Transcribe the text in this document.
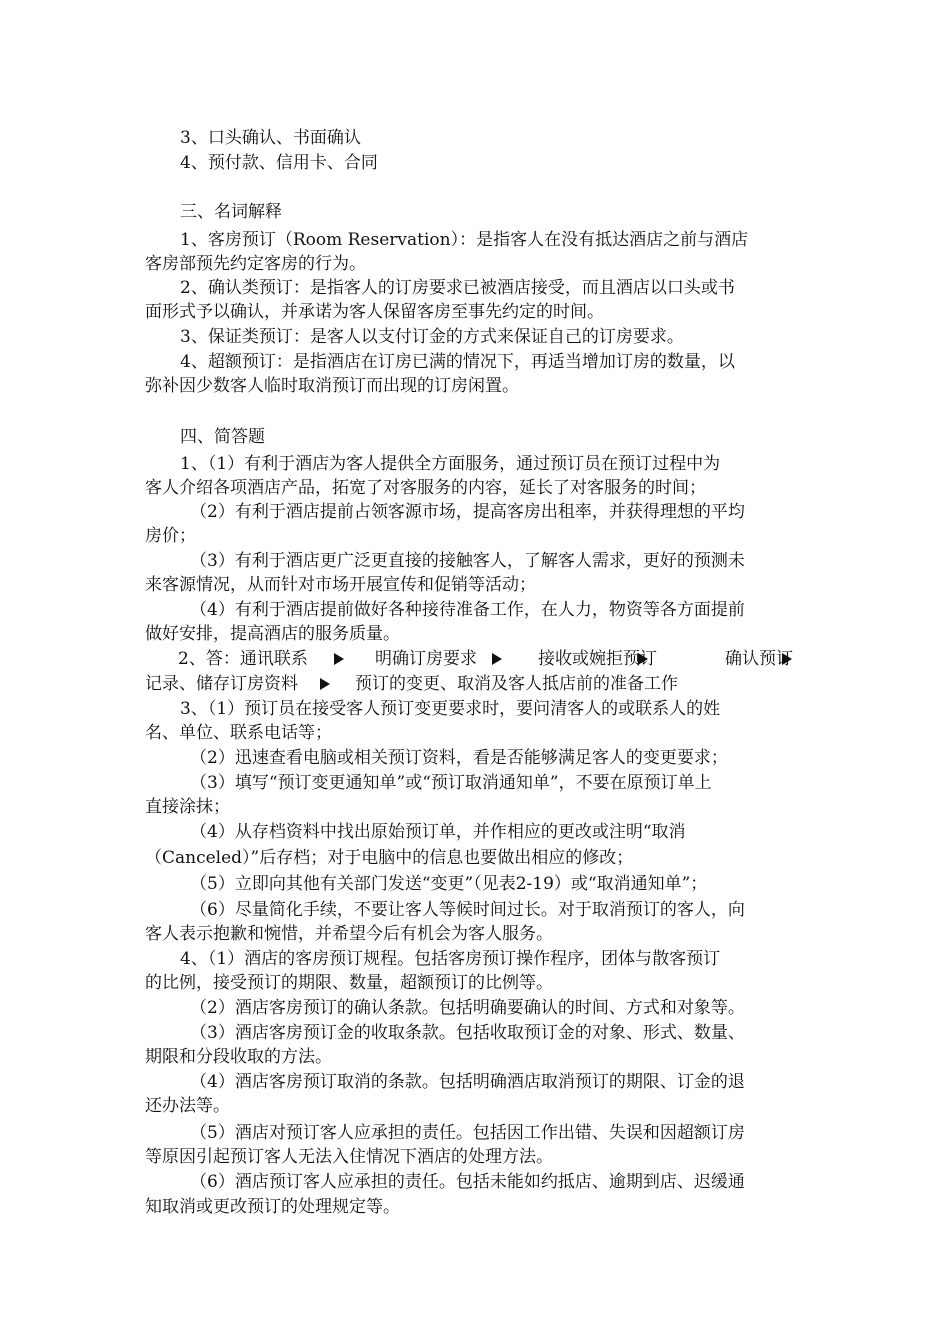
3、口头确认、书面确认
4、预付款、信用卡、合同
三、名词解释
1、客房预订（Room Reservation）：是指客人在没有抵达酒店之前与酒店
客房部预先约定客房的行为。
2、确认类预订：是指客人的订房要求已被酒店接受，而且酒店以口头或书
面形式予以确认，并承诺为客人保留客房至事先约定的时间。
3、保证类预订：是客人以支付订金的方式来保证自己的订房要求。
4、超额预订：是指酒店在订房已满的情况下，再适当增加订房的数量，以
弥补因少数客人临时取消预订而出现的订房闲置。
四、简答题
1、（1）有利于酒店为客人提供全方面服务，通过预订员在预订过程中为
客人介绍各项酒店产品，拓宽了对客服务的内容，延长了对客服务的时间；
（2）有利于酒店提前占领客源市场，提高客房出租率，并获得理想的平均
房价；
（3）有利于酒店更广泛更直接的接触客人，了解客人需求，更好的预测未
来客源情况，从而针对市场开展宣传和促销等活动；
（4）有利于酒店提前做好各种接待准备工作，在人力，物资等各方面提前
做好安排，提高酒店的服务质量。
2、答：通讯联系	明确订房要求	接收或婉拒预订	确认预订
记录、储存订房资料	预订的变更、取消及客人抵店前的准备工作
3、（1）预订员在接受客人预订变更要求时，要问清客人的或联系人的姓
名、单位、联系电话等；
（2）迅速查看电脑或相关预订资料，看是否能够满足客人的变更要求；
（3）填写“预订变更通知单”或“预订取消通知单”，不要在原预订单上
直接涂抹；
（4）从存档资料中找出原始预订单，并作相应的更改或注明“取消
（Canceled）”后存档；对于电脑中的信息也要做出相应的修改；
（5）立即向其他有关部门发送“变更”（见表2-19）或“取消通知单”；
（6）尽量简化手续，不要让客人等候时间过长。对于取消预订的客人，向
客人表示抱歉和惋惜，并希望今后有机会为客人服务。
4、（1）酒店的客房预订规程。包括客房预订操作程序，团体与散客预订
的比例，接受预订的期限、数量，超额预订的比例等。
（2）酒店客房预订的确认条款。包括明确要确认的时间、方式和对象等。
（3）酒店客房预订金的收取条款。包括收取预订金的对象、形式、数量、
期限和分段收取的方法。
（4）酒店客房预订取消的条款。包括明确酒店取消预订的期限、订金的退
还办法等。
（5）酒店对预订客人应承担的责任。包括因工作出错、失误和因超额订房
等原因引起预订客人无法入住情况下酒店的处理方法。
（6）酒店预订客人应承担的责任。包括未能如约抵店、逾期到店、迟缓通
知取消或更改预订的处理规定等。
